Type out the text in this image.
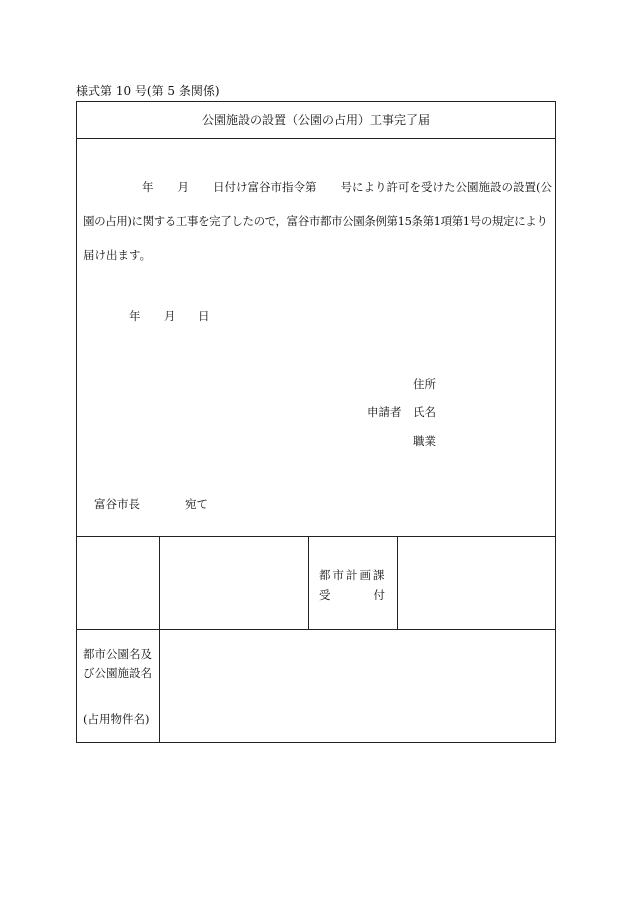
様式第 10 号(第 5 条関係)
公園施設の設置（公園の占用）工事完了届
年 月 日付け富谷市指令第 号により許可を受けた公園施設の設置(公
園の占用)に関する工事を完了したので，富谷市都市公園条例第15条第1項第1号の規定により
届け出ます。
年 月 日
住所
申請者 氏名
職業
富谷市長	宛て
都市計画課
受	付
都市公園名及
び公園施設名
(占用物件名)
